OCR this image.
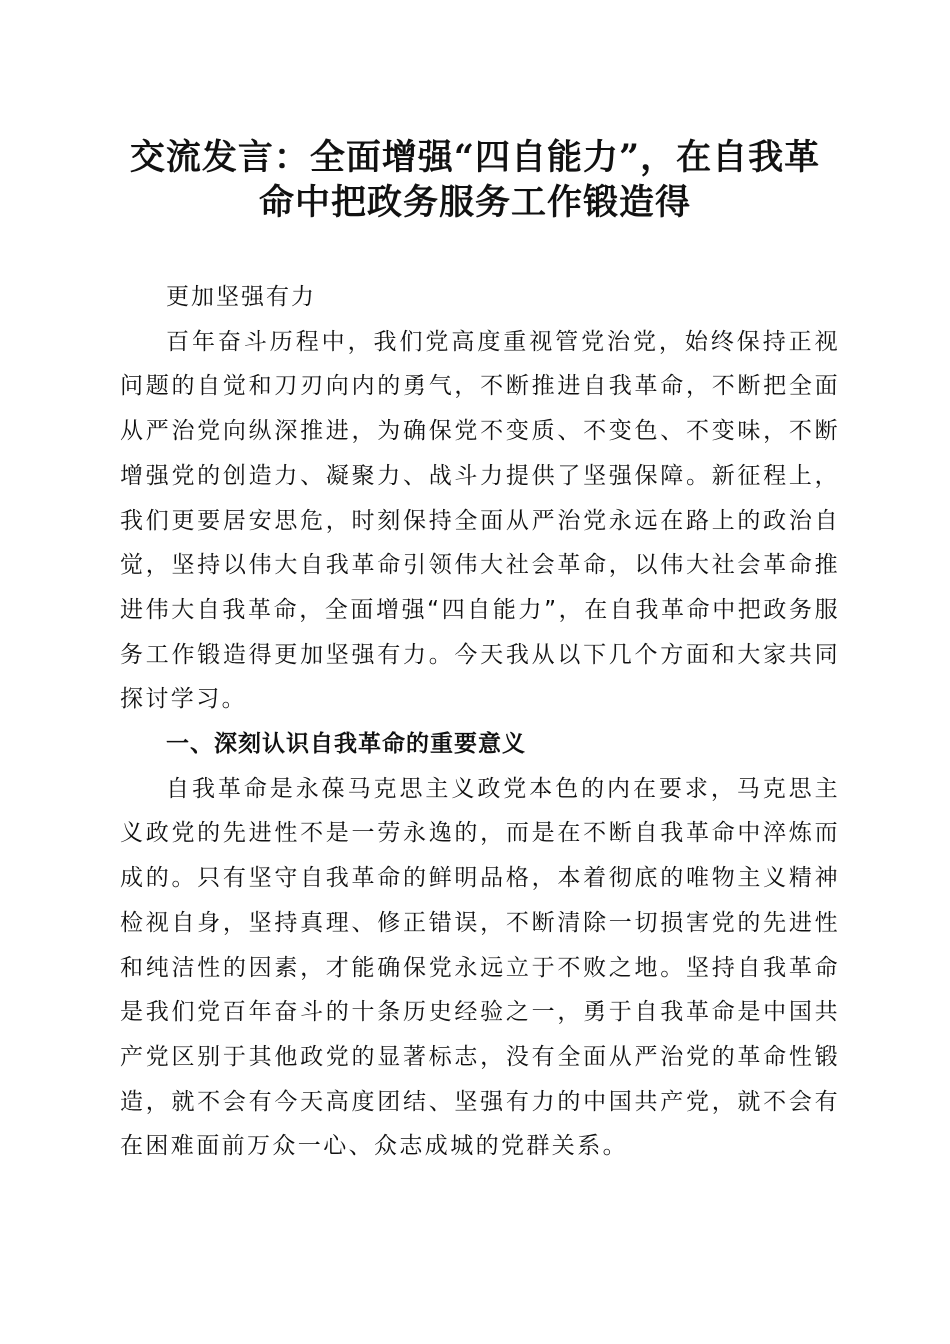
交流发言：全面增强“四自能力”，在自我革
命中把政务服务工作锻造得

更加坚强有力

百年奋斗历程中，我们党高度重视管党治党，始终保持正视问题的自觉和刀刃向内的勇气，不断推进自我革命，不断把全面从严治党向纵深推进，为确保党不变质、不变色、不变味，不断增强党的创造力、凝聚力、战斗力提供了坚强保障。新征程上，我们更要居安思危，时刻保持全面从严治党永远在路上的政治自觉，坚持以伟大自我革命引领伟大社会革命，以伟大社会革命推进伟大自我革命，全面增强“四自能力”，在自我革命中把政务服务工作锻造得更加坚强有力。今天我从以下几个方面和大家共同探讨学习。

一、深刻认识自我革命的重要意义

自我革命是永葆马克思主义政党本色的内在要求，马克思主义政党的先进性不是一劳永逸的，而是在不断自我革命中淬炼而成的。只有坚守自我革命的鲜明品格，本着彻底的唯物主义精神检视自身，坚持真理、修正错误，不断清除一切损害党的先进性和纯洁性的因素，才能确保党永远立于不败之地。坚持自我革命是我们党百年奋斗的十条历史经验之一，勇于自我革命是中国共产党区别于其他政党的显著标志，没有全面从严治党的革命性锻造，就不会有今天高度团结、坚强有力的中国共产党，就不会有在困难面前万众一心、众志成城的党群关系。
